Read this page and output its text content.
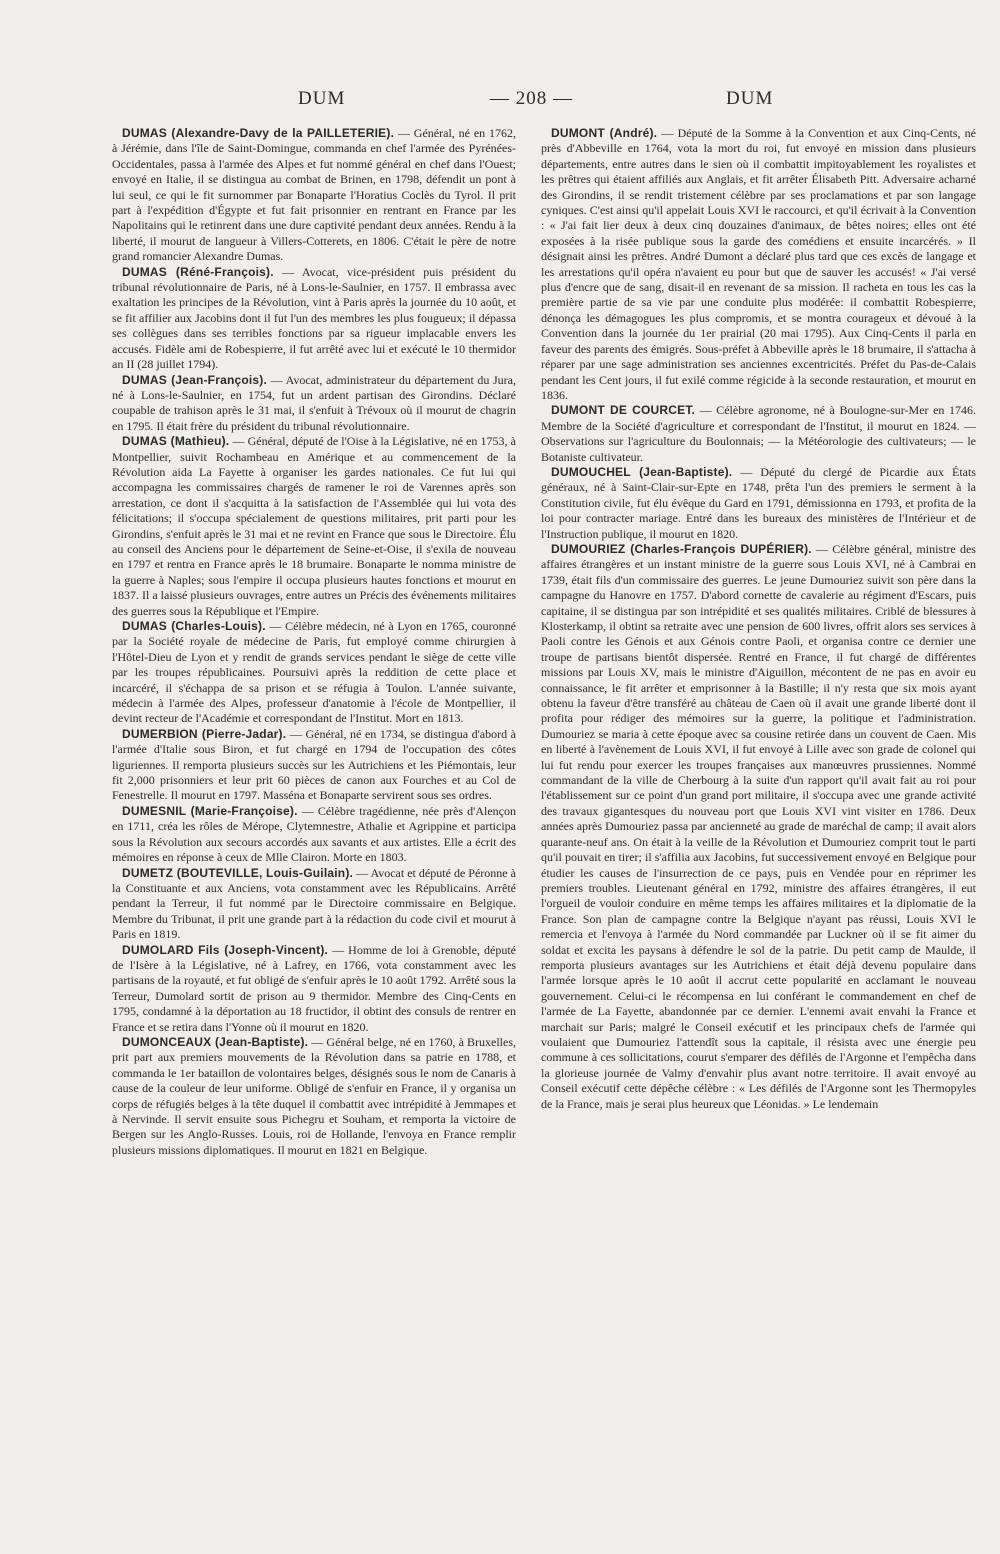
DUM	— 208 —	DUM

DUMAS (Alexandre-Davy de la PAILLETERIE). — Général, né en 1762, à Jérémie, dans l'île de Saint-Domingue, commanda en chef l'armée des Pyrénées-Occidentales, passa à l'armée des Alpes et fut nommé général en chef dans l'Ouest; envoyé en Italie, il se distingua au combat de Brinen, en 1798, défendit un pont à lui seul, ce qui le fit surnommer par Bonaparte l'Horatius Coclès du Tyrol. Il prit part à l'expédition d'Égypte et fut fait prisonnier en rentrant en France par les Napolitains qui le retinrent dans une dure captivité pendant deux années. Rendu à la liberté, il mourut de langueur à Villers-Cotterets, en 1806. C'était le père de notre grand romancier Alexandre Dumas.

DUMAS (Réné-François). — Avocat, vice-président puis président du tribunal révolutionnaire de Paris, né à Lons-le-Saulnier, en 1757. Il embrassa avec exaltation les principes de la Révolution, vint à Paris après la journée du 10 août, et se fit affilier aux Jacobins dont il fut l'un des membres les plus fougueux; il dépassa ses collègues dans ses terribles fonctions par sa rigueur implacable envers les accusés. Fidèle ami de Robespierre, il fut arrêté avec lui et exécuté le 10 thermidor an II (28 juillet 1794).

DUMAS (Jean-François). — Avocat, administrateur du département du Jura, né à Lons-le-Saulnier, en 1754, fut un ardent partisan des Girondins. Déclaré coupable de trahison après le 31 mai, il s'enfuit à Trévoux où il mourut de chagrin en 1795. Il était frère du président du tribunal révolutionnaire.

DUMAS (Mathieu). — Général, député de l'Oise à la Législative, né en 1753, à Montpellier, suivit Rochambeau en Amérique et au commencement de la Révolution aida La Fayette à organiser les gardes nationales. Ce fut lui qui accompagna les commissaires chargés de ramener le roi de Varennes après son arrestation, ce dont il s'acquitta à la satisfaction de l'Assemblée qui lui vota des félicitations; il s'occupa spécialement de questions militaires, prit parti pour les Girondins, s'enfuit après le 31 mai et ne revint en France que sous le Directoire. Élu au conseil des Anciens pour le département de Seine-et-Oise, il s'exila de nouveau en 1797 et rentra en France après le 18 brumaire. Bonaparte le nomma ministre de la guerre à Naples; sous l'empire il occupa plusieurs hautes fonctions et mourut en 1837. Il a laissé plusieurs ouvrages, entre autres un Précis des événements militaires des guerres sous la République et l'Empire.

DUMAS (Charles-Louis). — Célèbre médecin, né à Lyon en 1765, couronné par la Société royale de médecine de Paris, fut employé comme chirurgien à l'Hôtel-Dieu de Lyon et y rendit de grands services pendant le siège de cette ville par les troupes républicaines. Poursuivi après la reddition de cette place et incarcéré, il s'échappa de sa prison et se réfugia à Toulon. L'année suivante, médecin à l'armée des Alpes, professeur d'anatomie à l'école de Montpellier, il devint recteur de l'Académie et correspondant de l'Institut. Mort en 1813.

DUMERBION (Pierre-Jadar). — Général, né en 1734, se distingua d'abord à l'armée d'Italie sous Biron, et fut chargé en 1794 de l'occupation des côtes liguriennes. Il remporta plusieurs succès sur les Autrichiens et les Piémontais, leur fit 2,000 prisonniers et leur prit 60 pièces de canon aux Fourches et au Col de Fenestrelle. Il mourut en 1797. Masséna et Bonaparte servirent sous ses ordres.

DUMESNIL (Marie-Françoise). — Célèbre tragédienne, née près d'Alençon en 1711, créa les rôles de Mérope, Clytemnestre, Athalie et Agrippine et participa sous la Révolution aux secours accordés aux savants et aux artistes. Elle a écrit des mémoires en réponse à ceux de Mlle Clairon. Morte en 1803.

DUMETZ (BOUTEVILLE, Louis-Guilain). — Avocat et député de Péronne à la Constituante et aux Anciens, vota constamment avec les Républicains. Arrêté pendant la Terreur, il fut nommé par le Directoire commissaire en Belgique. Membre du Tribunat, il prit une grande part à la rédaction du code civil et mourut à Paris en 1819.

DUMOLARD Fils (Joseph-Vincent). — Homme de loi à Grenoble, député de l'Isère à la Législative, né à Lafrey, en 1766, vota constamment avec les partisans de la royauté, et fut obligé de s'enfuir après le 10 août 1792. Arrêté sous la Terreur, Dumolard sortit de prison au 9 thermidor. Membre des Cinq-Cents en 1795, condamné à la déportation au 18 fructidor, il obtint des consuls de rentrer en France et se retira dans l'Yonne où il mourut en 1820.

DUMONCEAUX (Jean-Baptiste). — Général belge, né en 1760, à Bruxelles, prit part aux premiers mouvements de la Révolution dans sa patrie en 1788, et commanda le 1er bataillon de volontaires belges, désignés sous le nom de Canaris à cause de la couleur de leur uniforme. Obligé de s'enfuir en France, il y organisa un corps de réfugiés belges à la tête duquel il combattit avec intrépidité à Jemmapes et à Nervinde. Il servit ensuite sous Pichegru et Souham, et remporta la victoire de Bergen sur les Anglo-Russes. Louis, roi de Hollande, l'envoya en France remplir plusieurs missions diplomatiques. Il mourut en 1821 en Belgique.

DUMONT (André). — Député de la Somme à la Convention et aux Cinq-Cents, né près d'Abbeville en 1764, vota la mort du roi, fut envoyé en mission dans plusieurs départements, entre autres dans le sien où il combattit impitoyablement les royalistes et les prêtres qui étaient affiliés aux Anglais, et fit arrêter Élisabeth Pitt. Adversaire acharné des Girondins, il se rendit tristement célèbre par ses proclamations et par son langage cyniques. C'est ainsi qu'il appelait Louis XVI le raccourci, et qu'il écrivait à la Convention : « J'ai fait lier deux à deux cinq douzaines d'animaux, de bêtes noires; elles ont été exposées à la risée publique sous la garde des comédiens et ensuite incarcérés. » Il désignait ainsi les prêtres. André Dumont a déclaré plus tard que ces excès de langage et les arrestations qu'il opéra n'avaient eu pour but que de sauver les accusés! « J'ai versé plus d'encre que de sang, disait-il en revenant de sa mission. Il racheta en tous les cas la première partie de sa vie par une conduite plus modérée: il combattit Robespierre, dénonça les démagogues les plus compromis, et se montra courageux et dévoué à la Convention dans la journée du 1er prairial (20 mai 1795). Aux Cinq-Cents il parla en faveur des parents des émigrés. Sous-préfet à Abbeville après le 18 brumaire, il s'attacha à réparer par une sage administration ses anciennes excentricités. Préfet du Pas-de-Calais pendant les Cent jours, il fut exilé comme régicide à la seconde restauration, et mourut en 1836.

DUMONT DE COURCET. — Célèbre agronome, né à Boulogne-sur-Mer en 1746. Membre de la Société d'agriculture et correspondant de l'Institut, il mourut en 1824. — Observations sur l'agriculture du Boulonnais; — la Météorologie des cultivateurs; — le Botaniste cultivateur.

DUMOUCHEL (Jean-Baptiste). — Député du clergé de Picardie aux États généraux, né à Saint-Clair-sur-Epte en 1748, prêta l'un des premiers le serment à la Constitution civile, fut élu évêque du Gard en 1791, démissionna en 1793, et profita de la loi pour contracter mariage. Entré dans les bureaux des ministères de l'Intérieur et de l'Instruction publique, il mourut en 1820.

DUMOURIEZ (Charles-François DUPÉRIER). — Célèbre général, ministre des affaires étrangères et un instant ministre de la guerre sous Louis XVI, né à Cambrai en 1739, était fils d'un commissaire des guerres. Le jeune Dumouriez suivit son père dans la campagne du Hanovre en 1757. D'abord cornette de cavalerie au régiment d'Escars, puis capitaine, il se distingua par son intrépidité et ses qualités militaires. Criblé de blessures à Klosterkamp, il obtint sa retraite avec une pension de 600 livres, offrit alors ses services à Paoli contre les Génois et aux Génois contre Paoli, et organisa contre ce dernier une troupe de partisans bientôt dispersée. Rentré en France, il fut chargé de différentes missions par Louis XV, mais le ministre d'Aiguillon, mécontent de ne pas en avoir eu connaissance, le fit arrêter et emprisonner à la Bastille; il n'y resta que six mois ayant obtenu la faveur d'être transféré au château de Caen où il avait une grande liberté dont il profita pour rédiger des mémoires sur la guerre, la politique et l'administration. Dumouriez se maria à cette époque avec sa cousine retirée dans un couvent de Caen. Mis en liberté à l'avènement de Louis XVI, il fut envoyé à Lille avec son grade de colonel qui lui fut rendu pour exercer les troupes françaises aux manœuvres prussiennes. Nommé commandant de la ville de Cherbourg à la suite d'un rapport qu'il avait fait au roi pour l'établissement sur ce point d'un grand port militaire, il s'occupa avec une grande activité des travaux gigantesques du nouveau port que Louis XVI vint visiter en 1786. Deux années après Dumouriez passa par ancienneté au grade de maréchal de camp; il avait alors quarante-neuf ans. On était à la veille de la Révolution et Dumouriez comprit tout le parti qu'il pouvait en tirer; il s'affilia aux Jacobins, fut successivement envoyé en Belgique pour étudier les causes de l'insurrection de ce pays, puis en Vendée pour en réprimer les premiers troubles. Lieutenant général en 1792, ministre des affaires étrangères, il eut l'orgueil de vouloir conduire en même temps les affaires militaires et la diplomatie de la France. Son plan de campagne contre la Belgique n'ayant pas réussi, Louis XVI le remercia et l'envoya à l'armée du Nord commandée par Luckner où il se fit aimer du soldat et excita les paysans à défendre le sol de la patrie. Du petit camp de Maulde, il remporta plusieurs avantages sur les Autrichiens et était déjà devenu populaire dans l'armée lorsque après le 10 août il accrut cette popularité en acclamant le nouveau gouvernement. Celui-ci le récompensa en lui conférant le commandement en chef de l'armée de La Fayette, abandonnée par ce dernier. L'ennemi avait envahi la France et marchait sur Paris; malgré le Conseil exécutif et les principaux chefs de l'armée qui voulaient que Dumouriez l'attendît sous la capitale, il résista avec une énergie peu commune à ces sollicitations, courut s'emparer des défilés de l'Argonne et l'empêcha dans la glorieuse journée de Valmy d'envahir plus avant notre territoire. Il avait envoyé au Conseil exécutif cette dépêche célèbre : « Les défilés de l'Argonne sont les Thermopyles de la France, mais je serai plus heureux que Léonidas. » Le lendemain
